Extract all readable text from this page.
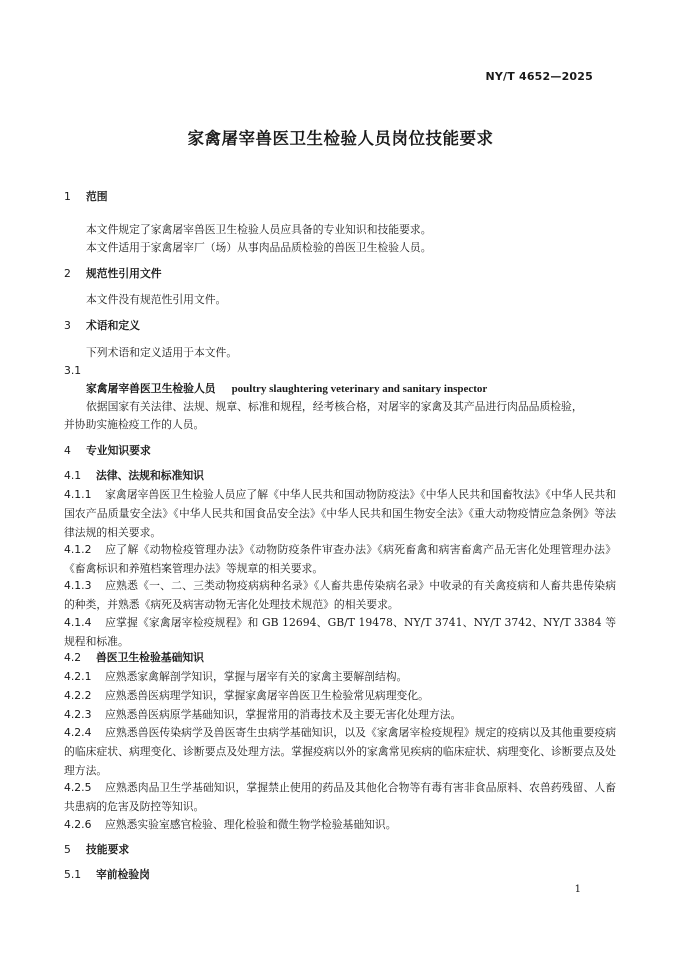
NY/T 4652—2025
家禽屠宰兽医卫生检验人员岗位技能要求
1 范围
本文件规定了家禽屠宰兽医卫生检验人员应具备的专业知识和技能要求。
本文件适用于家禽屠宰厂（场）从事肉品品质检验的兽医卫生检验人员。
2 规范性引用文件
本文件没有规范性引用文件。
3 术语和定义
下列术语和定义适用于本文件。
3.1
家禽屠宰兽医卫生检验人员 poultry slaughtering veterinary and sanitary inspector
依据国家有关法律、法规、规章、标准和规程，经考核合格，对屠宰的家禽及其产品进行肉品品质检验，
并协助实施检疫工作的人员。
4 专业知识要求
4.1 法律、法规和标准知识
4.1.1 家禽屠宰兽医卫生检验人员应了解《中华人民共和国动物防疫法》《中华人民共和国畜牧法》《中华人民共和国农产品质量安全法》《中华人民共和国食品安全法》《中华人民共和国生物安全法》《重大动物疫情应急条例》等法律法规的相关要求。
4.1.2 应了解《动物检疫管理办法》《动物防疫条件审查办法》《病死畜禽和病害畜禽产品无害化处理管理办法》《畜禽标识和养殖档案管理办法》等规章的相关要求。
4.1.3 应熟悉《一、二、三类动物疫病病种名录》《人畜共患传染病名录》中收录的有关禽疫病和人畜共患传染病的种类，并熟悉《病死及病害动物无害化处理技术规范》的相关要求。
4.1.4 应掌握《家禽屠宰检疫规程》和 GB 12694、GB/T 19478、NY/T 3741、NY/T 3742、NY/T 3384 等规程和标准。
4.2 兽医卫生检验基础知识
4.2.1 应熟悉家禽解剖学知识，掌握与屠宰有关的家禽主要解剖结构。
4.2.2 应熟悉兽医病理学知识，掌握家禽屠宰兽医卫生检验常见病理变化。
4.2.3 应熟悉兽医病原学基础知识，掌握常用的消毒技术及主要无害化处理方法。
4.2.4 应熟悉兽医传染病学及兽医寄生虫病学基础知识，以及《家禽屠宰检疫规程》规定的疫病以及其他重要疫病的临床症状、病理变化、诊断要点及处理方法。掌握疫病以外的家禽常见疾病的临床症状、病理变化、诊断要点及处理方法。
4.2.5 应熟悉肉品卫生学基础知识，掌握禁止使用的药品及其他化合物等有毒有害非食品原料、农兽药残留、人畜共患病的危害及防控等知识。
4.2.6 应熟悉实验室感官检验、理化检验和微生物学检验基础知识。
5 技能要求
5.1 宰前检验岗
1
